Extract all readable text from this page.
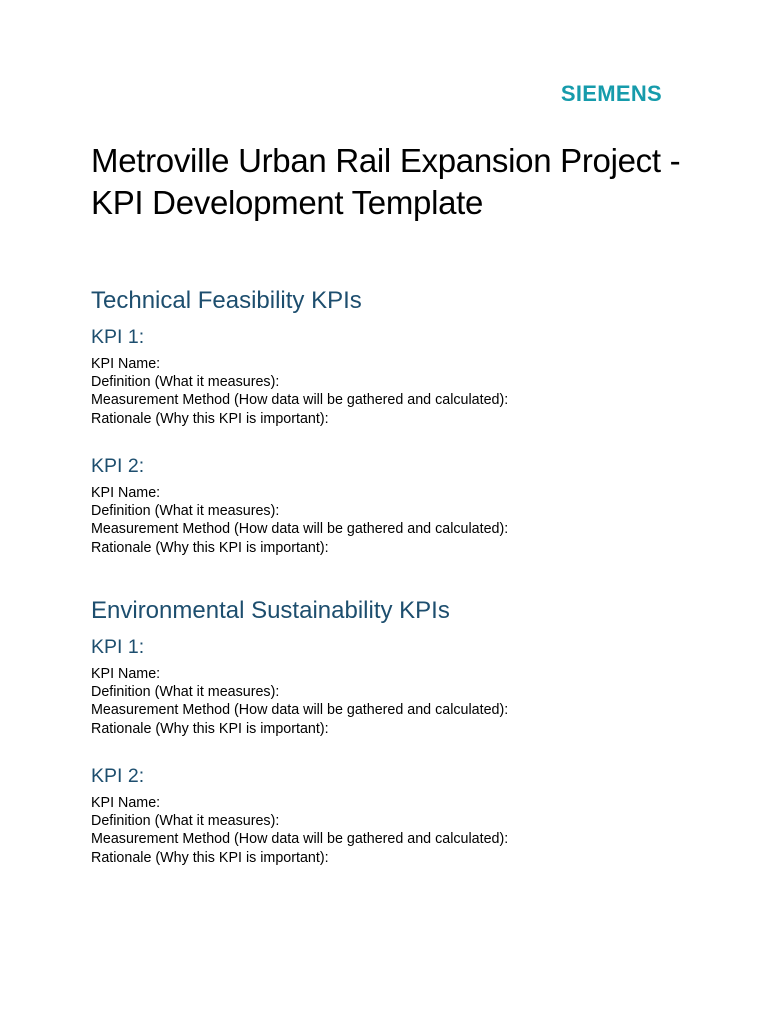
SIEMENS
Metroville Urban Rail Expansion Project - KPI Development Template
Technical Feasibility KPIs
KPI 1:
KPI Name:
Definition (What it measures):
Measurement Method (How data will be gathered and calculated):
Rationale (Why this KPI is important):
KPI 2:
KPI Name:
Definition (What it measures):
Measurement Method (How data will be gathered and calculated):
Rationale (Why this KPI is important):
Environmental Sustainability KPIs
KPI 1:
KPI Name:
Definition (What it measures):
Measurement Method (How data will be gathered and calculated):
Rationale (Why this KPI is important):
KPI 2:
KPI Name:
Definition (What it measures):
Measurement Method (How data will be gathered and calculated):
Rationale (Why this KPI is important):
